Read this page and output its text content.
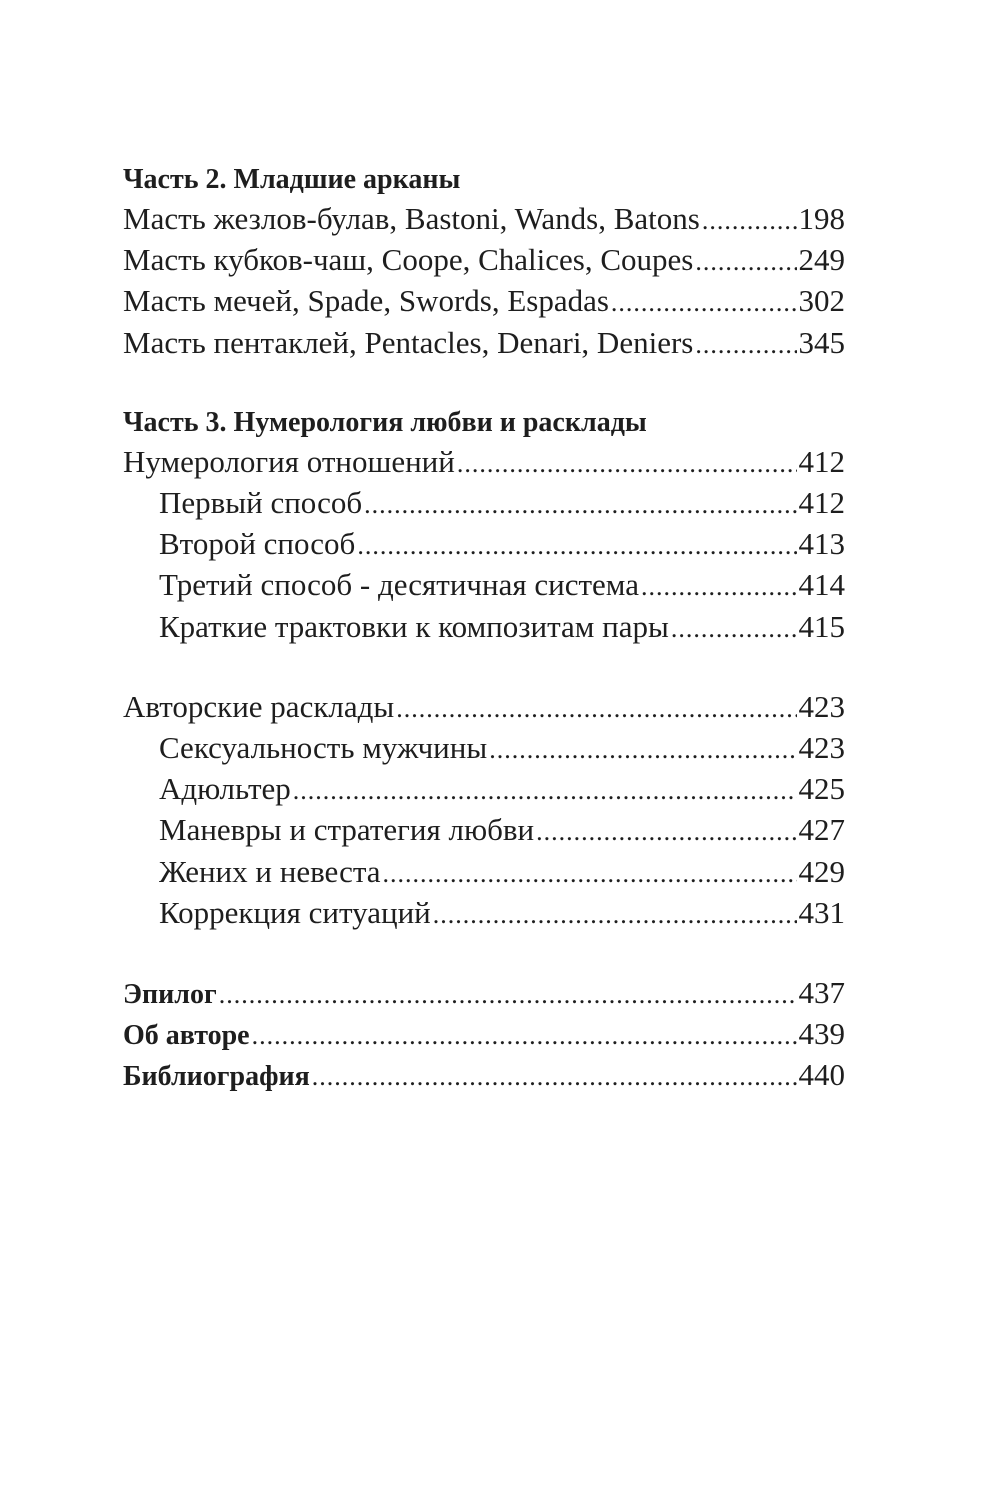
Часть 2. Младшие арканы
Масть жезлов-булав, Bastoni, Wands, Batons .....	198
Масть кубков-чаш, Coope, Chalices, Coupes .....	249
Масть мечей, Spade, Swords, Espadas .....	302
Масть пентаклей, Pentacles, Denari, Deniers .....	345
Часть 3. Нумерология любви и расклады
Нумерология отношений .....	412
Первый способ .....	412
Второй способ .....	413
Третий способ - десятичная система .....	414
Краткие трактовки к композитам пары .....	415
Авторские расклады .....	423
Сексуальность мужчины .....	423
Адюльтер .....	425
Маневры и стратегия любви .....	427
Жених и невеста .....	429
Коррекция ситуаций .....	431
Эпилог .....	437
Об авторе .....	439
Библиография .....	440
